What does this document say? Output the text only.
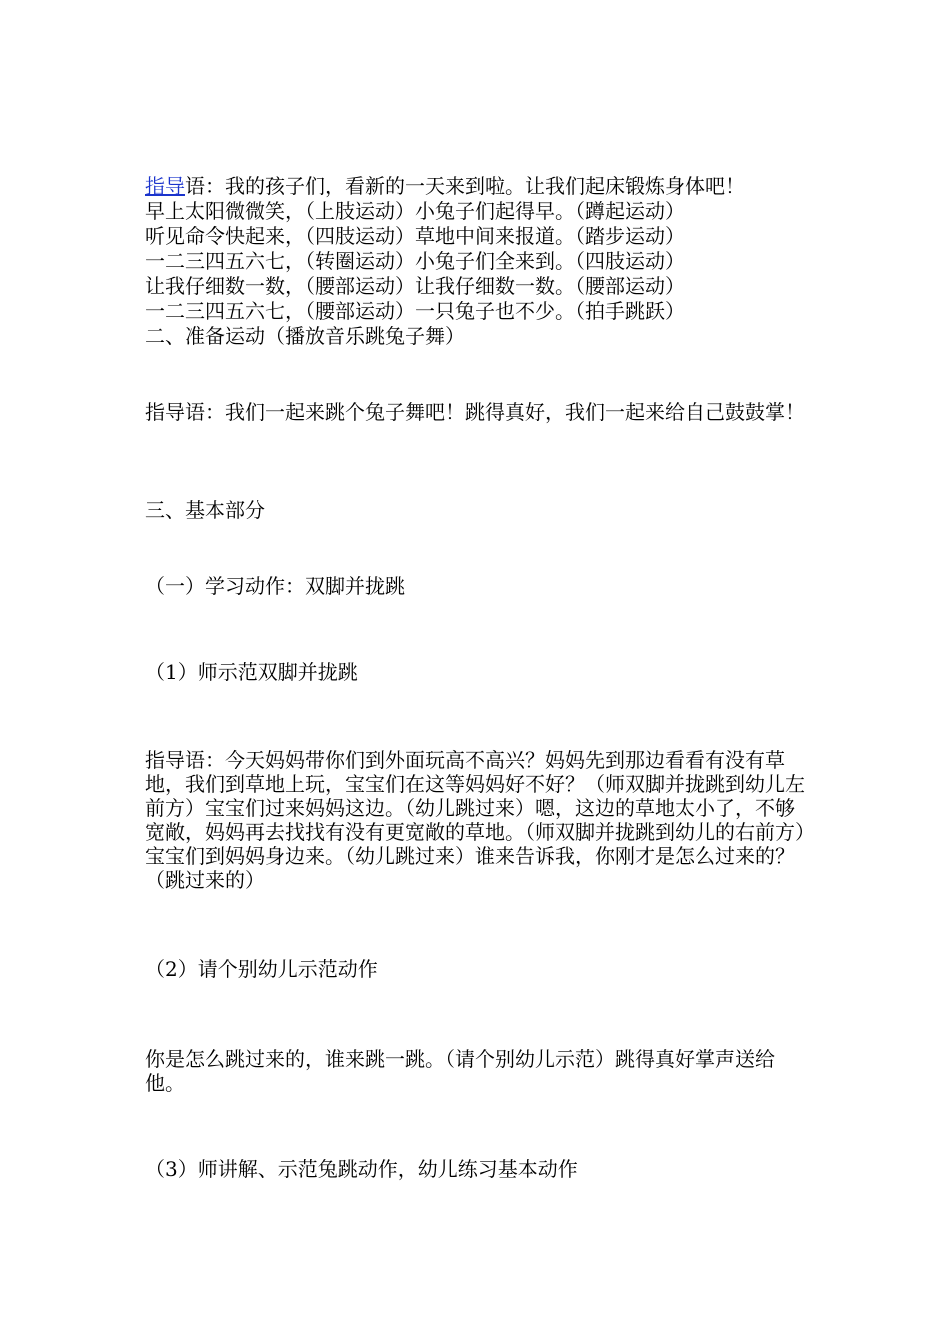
指导语：我的孩子们，看新的一天来到啦。让我们起床锻炼身体吧！
早上太阳微微笑，（上肢运动）小兔子们起得早。（蹲起运动）
听见命令快起来，（四肢运动）草地中间来报道。（踏步运动）
一二三四五六七，（转圈运动）小兔子们全来到。（四肢运动）
让我仔细数一数，（腰部运动）让我仔细数一数。（腰部运动）
一二三四五六七，（腰部运动）一只兔子也不少。（拍手跳跃）
二、准备运动（播放音乐跳兔子舞）
指导语：我们一起来跳个兔子舞吧！跳得真好，我们一起来给自己鼓鼓掌！
三、基本部分
（一）学习动作：双脚并拢跳
（1）师示范双脚并拢跳
指导语：今天妈妈带你们到外面玩高不高兴？妈妈先到那边看看有没有草地，我们到草地上玩，宝宝们在这等妈妈好不好？（师双脚并拢跳到幼儿左前方）宝宝们过来妈妈这边。（幼儿跳过来）嗯，这边的草地太小了，不够宽敞，妈妈再去找找有没有更宽敞的草地。（师双脚并拢跳到幼儿的右前方）宝宝们到妈妈身边来。（幼儿跳过来）谁来告诉我，你刚才是怎么过来的？（跳过来的）
（2）请个别幼儿示范动作
你是怎么跳过来的，谁来跳一跳。（请个别幼儿示范）跳得真好掌声送给他。
（3）师讲解、示范兔跳动作，幼儿练习基本动作
